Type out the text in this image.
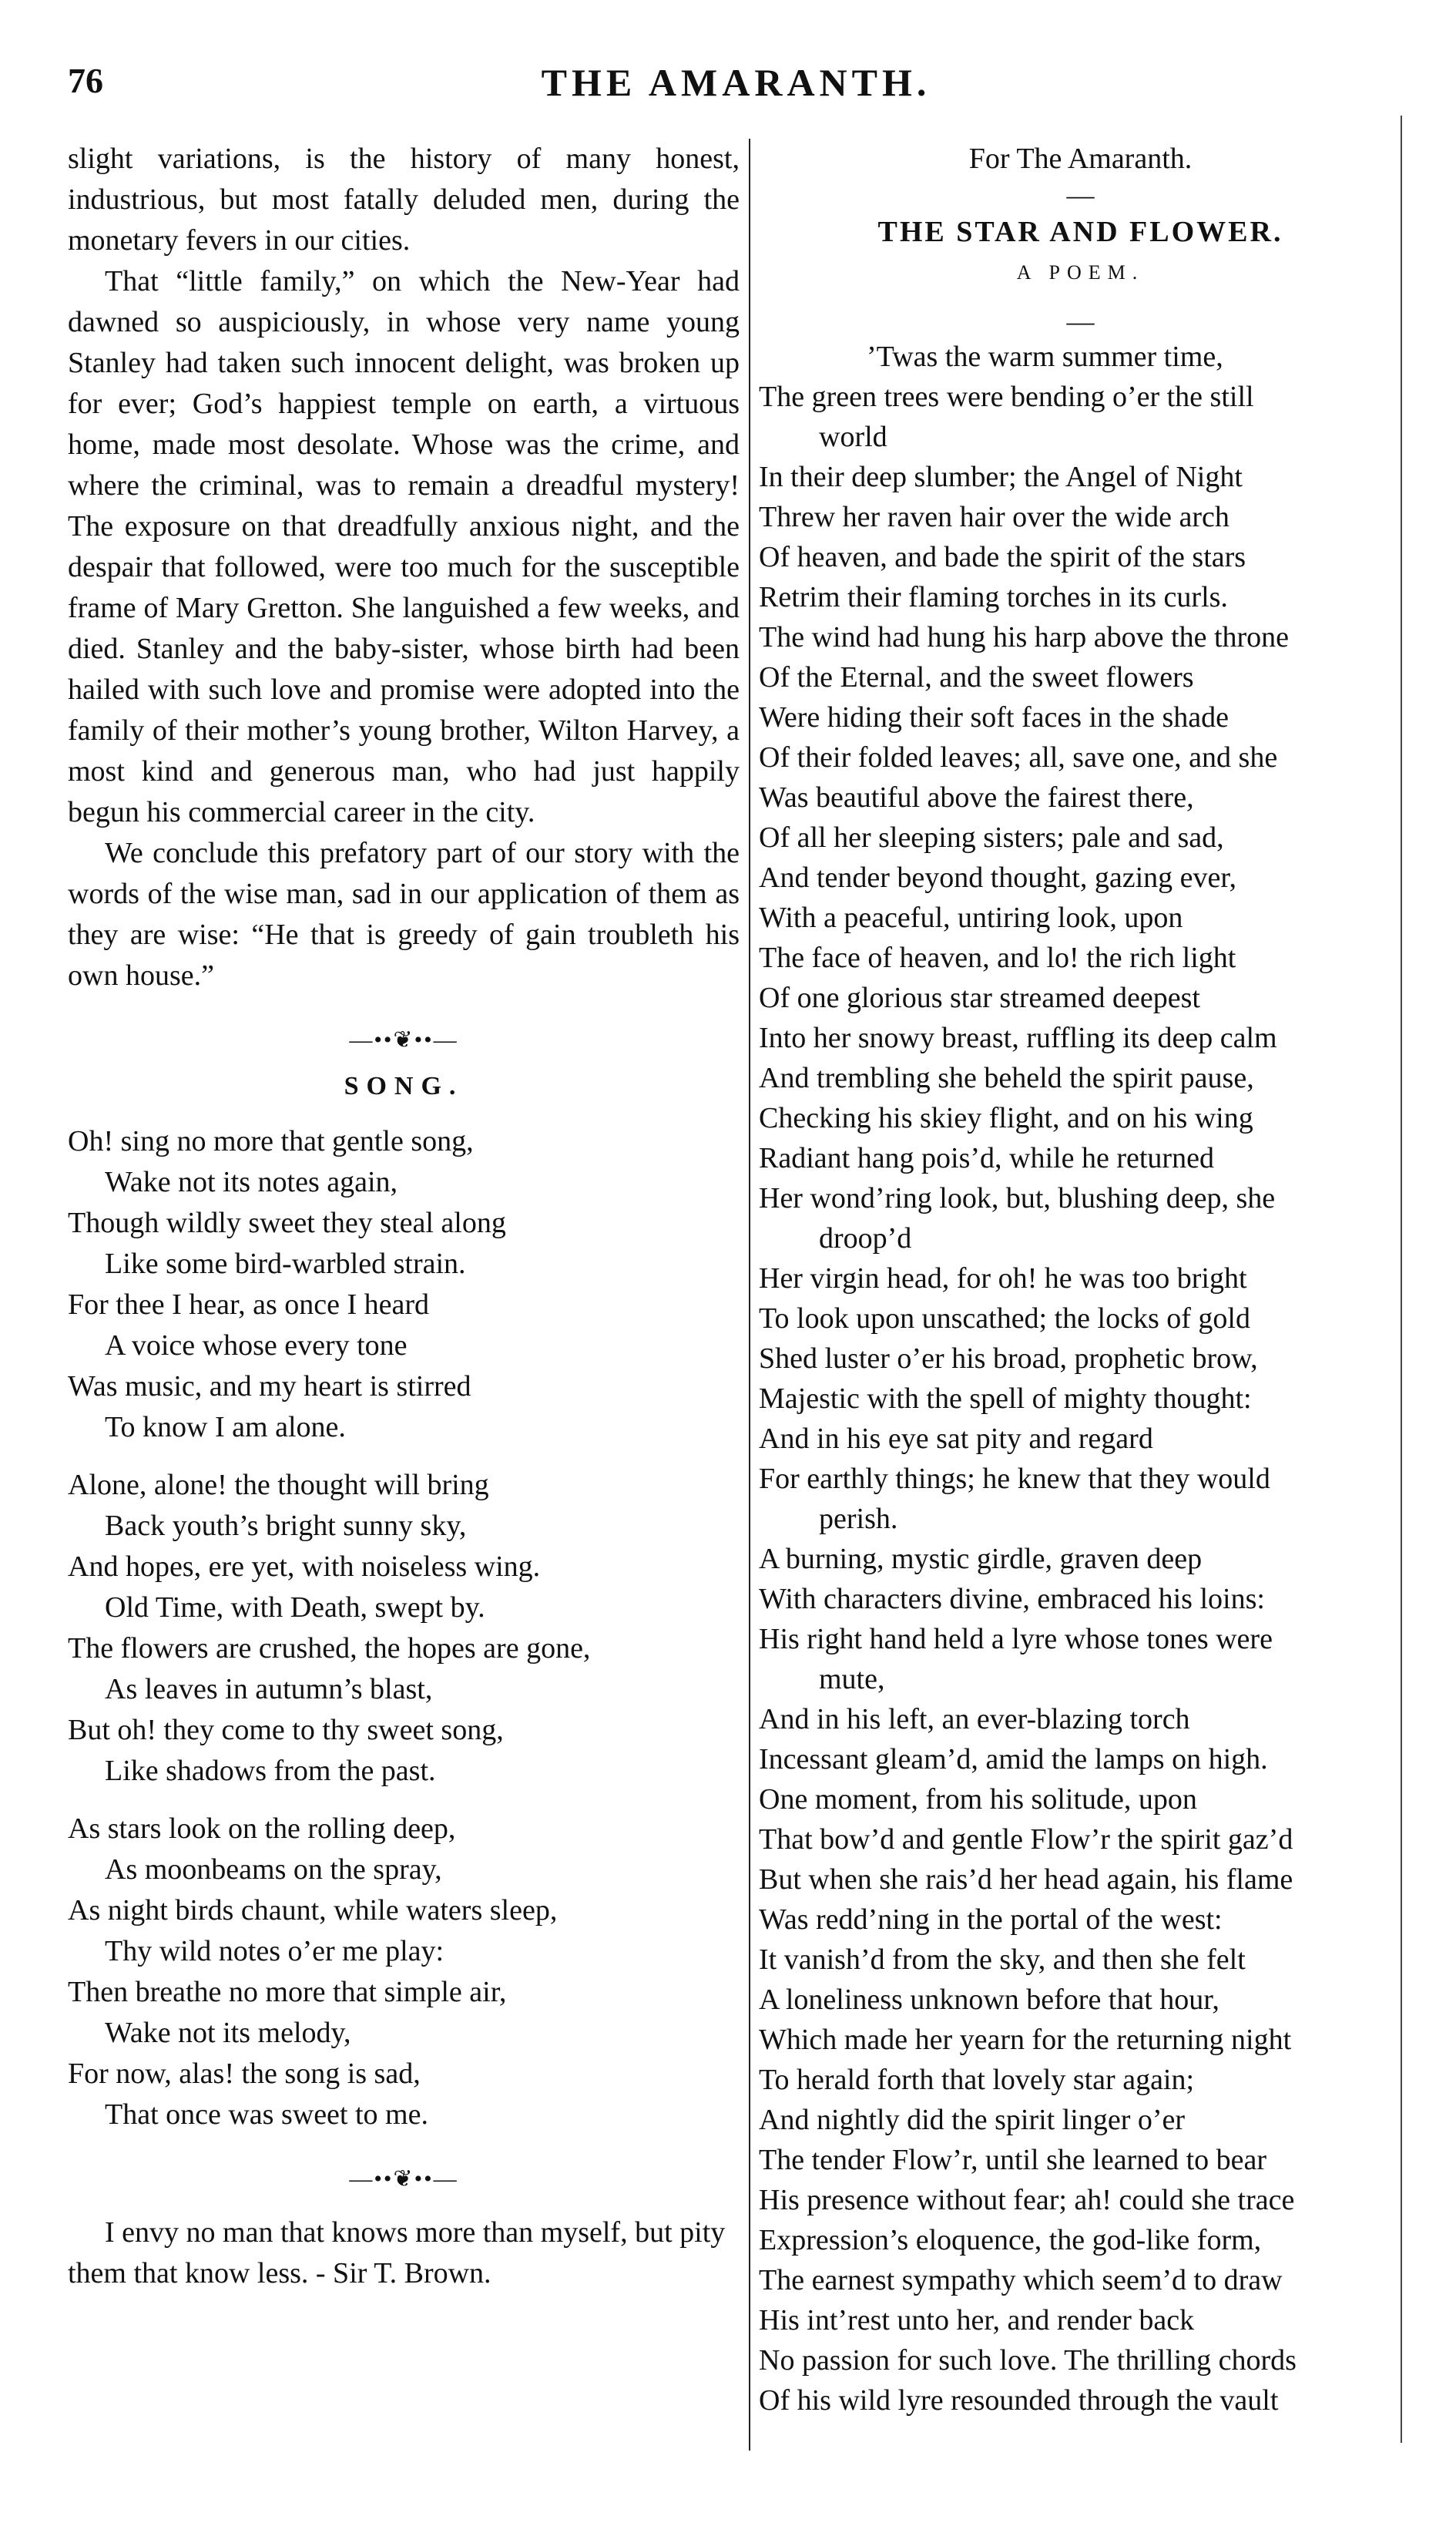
76	THE AMARANTH.

slight variations, is the history of many honest, industrious, but most fatally deluded men, during the monetary fevers in our cities.

That “little family,” on which the New-Year had dawned so auspiciously, in whose very name young Stanley had taken such innocent delight, was broken up for ever; God’s happiest temple on earth, a virtuous home, made most desolate. Whose was the crime, and where the criminal, was to remain a dreadful mystery! The exposure on that dreadfully anxious night, and the despair that followed, were too much for the susceptible frame of Mary Gretton. She languished a few weeks, and died. Stanley and the baby-sister, whose birth had been hailed with such love and promise were adopted into the family of their mother’s young brother, Wilton Harvey, a most kind and generous man, who had just happily begun his commercial career in the city.

We conclude this prefatory part of our story with the words of the wise man, sad in our application of them as they are wise: “He that is greedy of gain troubleth his own house.”

—••❦••—
SONG.
Oh! sing no more that gentle song,
Wake not its notes again,
Though wildly sweet they steal along
Like some bird-warbled strain.
For thee I hear, as once I heard
A voice whose every tone
Was music, and my heart is stirred
To know I am alone.
Alone, alone! the thought will bring
Back youth’s bright sunny sky,
And hopes, ere yet, with noiseless wing.
Old Time, with Death, swept by.
The flowers are crushed, the hopes are gone,
As leaves in autumn’s blast,
But oh! they come to thy sweet song,
Like shadows from the past.
As stars look on the rolling deep,
As moonbeams on the spray,
As night birds chaunt, while waters sleep,
Thy wild notes o’er me play:
Then breathe no more that simple air,
Wake not its melody,
For now, alas! the song is sad,
That once was sweet to me.
—••❦••—
I envy no man that knows more than myself, but pity them that know less. - Sir T. Brown.
For The Amaranth.
—
THE STAR AND FLOWER.
A POEM.
—
’Twas the warm summer time,
The green trees were bending o’er the still
world
In their deep slumber; the Angel of Night
Threw her raven hair over the wide arch
Of heaven, and bade the spirit of the stars
Retrim their flaming torches in its curls.
The wind had hung his harp above the throne
Of the Eternal, and the sweet flowers
Were hiding their soft faces in the shade
Of their folded leaves; all, save one, and she
Was beautiful above the fairest there,
Of all her sleeping sisters; pale and sad,
And tender beyond thought, gazing ever,
With a peaceful, untiring look, upon
The face of heaven, and lo! the rich light
Of one glorious star streamed deepest
Into her snowy breast, ruffling its deep calm
And trembling she beheld the spirit pause,
Checking his skiey flight, and on his wing
Radiant hang pois’d, while he returned
Her wond’ring look, but, blushing deep, she
droop’d
Her virgin head, for oh! he was too bright
To look upon unscathed; the locks of gold
Shed luster o’er his broad, prophetic brow,
Majestic with the spell of mighty thought:
And in his eye sat pity and regard
For earthly things; he knew that they would
perish.
A burning, mystic girdle, graven deep
With characters divine, embraced his loins:
His right hand held a lyre whose tones were
mute,
And in his left, an ever-blazing torch
Incessant gleam’d, amid the lamps on high.
One moment, from his solitude, upon
That bow’d and gentle Flow’r the spirit gaz’d
But when she rais’d her head again, his flame
Was redd’ning in the portal of the west:
It vanish’d from the sky, and then she felt
A loneliness unknown before that hour,
Which made her yearn for the returning night
To herald forth that lovely star again;
And nightly did the spirit linger o’er
The tender Flow’r, until she learned to bear
His presence without fear; ah! could she trace
Expression’s eloquence, the god-like form,
The earnest sympathy which seem’d to draw
His int’rest unto her, and render back
No passion for such love. The thrilling chords
Of his wild lyre resounded through the vault
